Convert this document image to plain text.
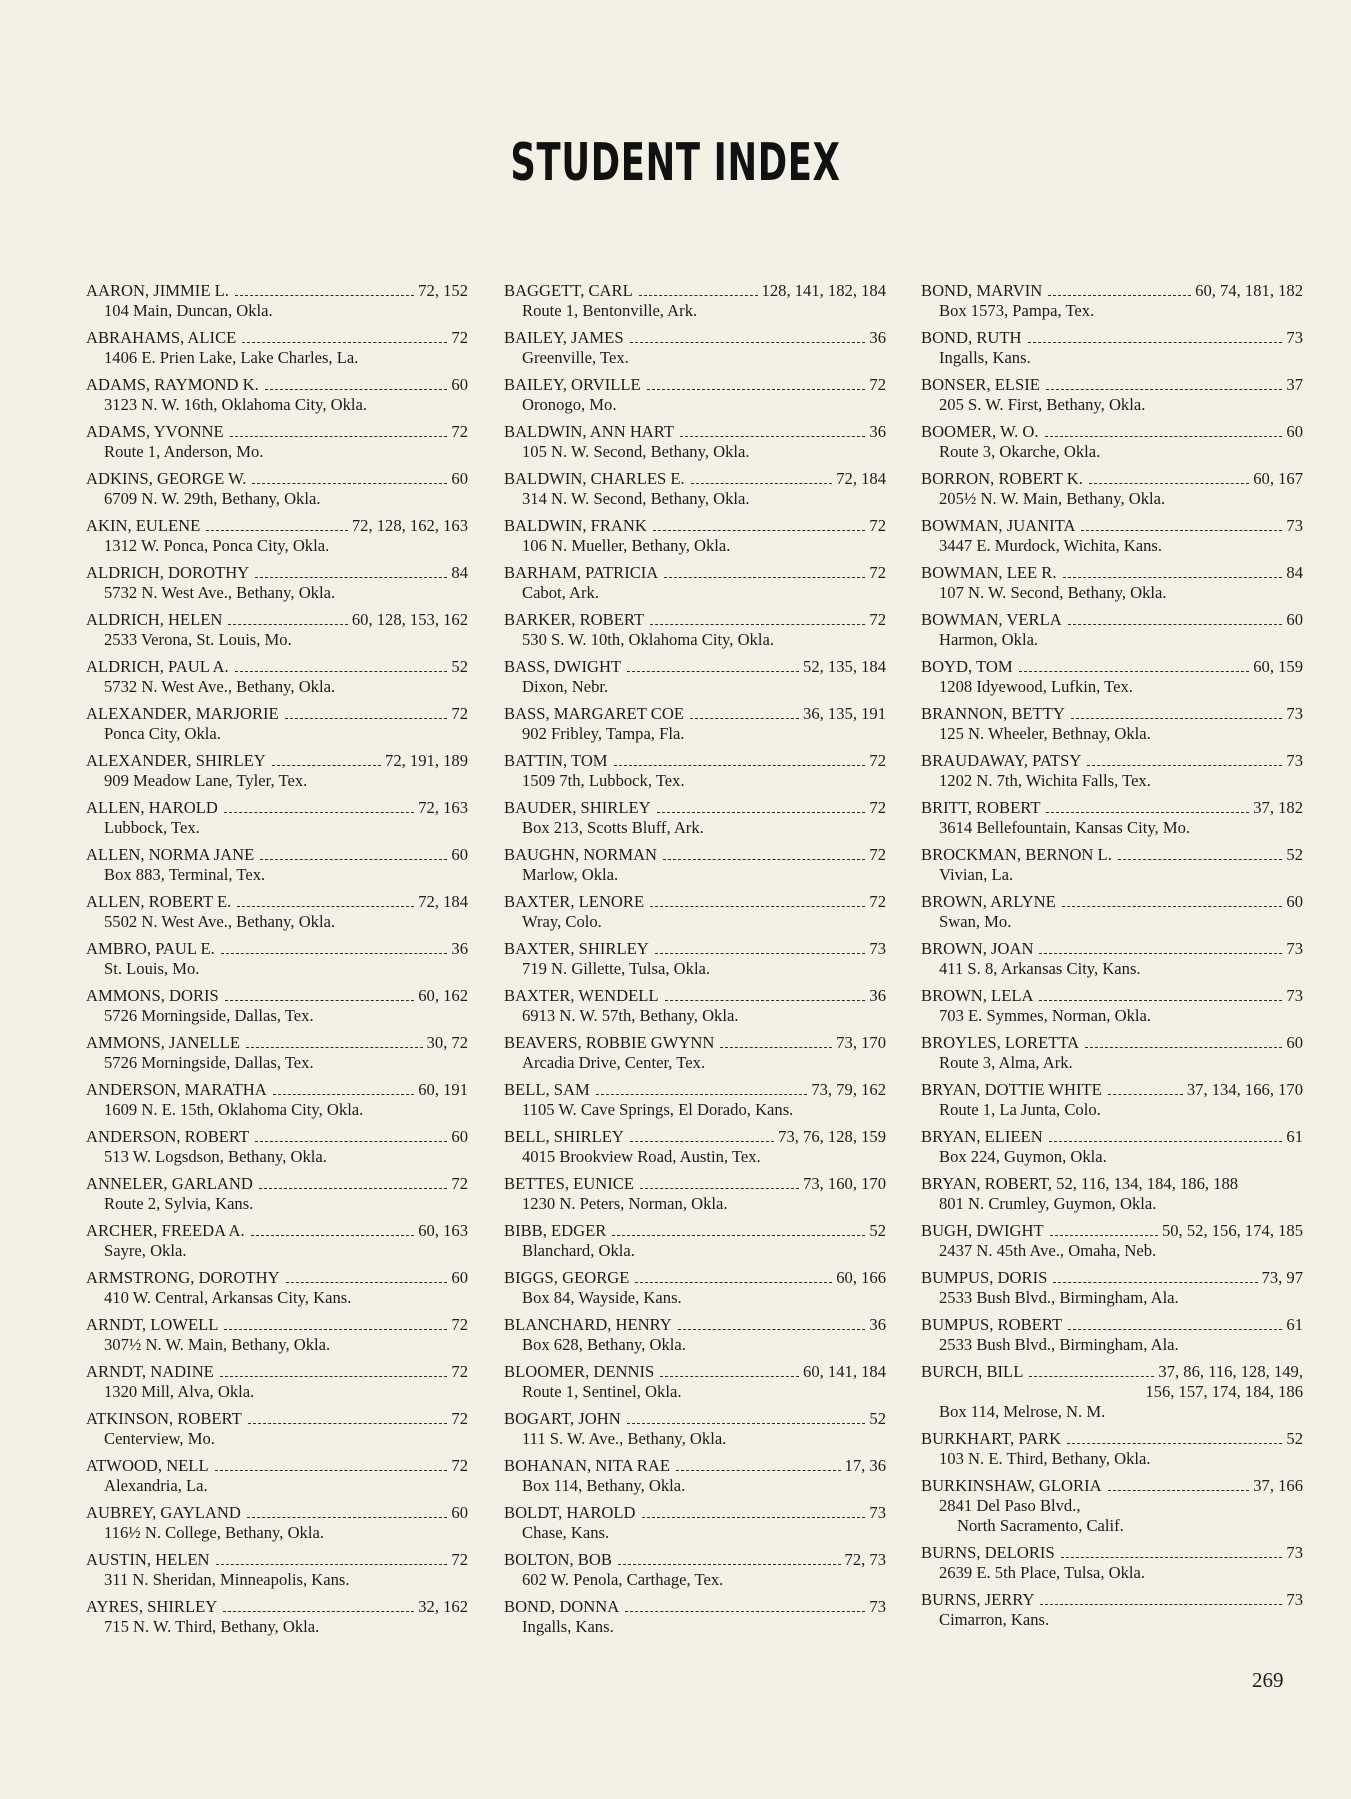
STUDENT INDEX
AARON, JIMMIE L.	72, 152
104 Main, Duncan, Okla.
ABRAHAMS, ALICE	72
1406 E. Prien Lake, Lake Charles, La.
ADAMS, RAYMOND K.	60
3123 N. W. 16th, Oklahoma City, Okla.
ADAMS, YVONNE	72
Route 1, Anderson, Mo.
ADKINS, GEORGE W.	60
6709 N. W. 29th, Bethany, Okla.
AKIN, EULENE	72, 128, 162, 163
1312 W. Ponca, Ponca City, Okla.
ALDRICH, DOROTHY	84
5732 N. West Ave., Bethany, Okla.
ALDRICH, HELEN	60, 128, 153, 162
2533 Verona, St. Louis, Mo.
ALDRICH, PAUL A.	52
5732 N. West Ave., Bethany, Okla.
ALEXANDER, MARJORIE	72
Ponca City, Okla.
ALEXANDER, SHIRLEY	72, 191, 189
909 Meadow Lane, Tyler, Tex.
ALLEN, HAROLD	72, 163
Lubbock, Tex.
ALLEN, NORMA JANE	60
Box 883, Terminal, Tex.
ALLEN, ROBERT E.	72, 184
5502 N. West Ave., Bethany, Okla.
AMBRO, PAUL E.	36
St. Louis, Mo.
AMMONS, DORIS	60, 162
5726 Morningside, Dallas, Tex.
AMMONS, JANELLE	30, 72
5726 Morningside, Dallas, Tex.
ANDERSON, MARATHA	60, 191
1609 N. E. 15th, Oklahoma City, Okla.
ANDERSON, ROBERT	60
513 W. Logsdson, Bethany, Okla.
ANNELER, GARLAND	72
Route 2, Sylvia, Kans.
ARCHER, FREEDA A.	60, 163
Sayre, Okla.
ARMSTRONG, DOROTHY	60
410 W. Central, Arkansas City, Kans.
ARNDT, LOWELL	72
307½ N. W. Main, Bethany, Okla.
ARNDT, NADINE	72
1320 Mill, Alva, Okla.
ATKINSON, ROBERT	72
Centerview, Mo.
ATWOOD, NELL	72
Alexandria, La.
AUBREY, GAYLAND	60
116½ N. College, Bethany, Okla.
AUSTIN, HELEN	72
311 N. Sheridan, Minneapolis, Kans.
AYRES, SHIRLEY	32, 162
715 N. W. Third, Bethany, Okla.
BAGGETT, CARL	128, 141, 182, 184
Route 1, Bentonville, Ark.
BAILEY, JAMES	36
Greenville, Tex.
BAILEY, ORVILLE	72
Oronogo, Mo.
BALDWIN, ANN HART	36
105 N. W. Second, Bethany, Okla.
BALDWIN, CHARLES E.	72, 184
314 N. W. Second, Bethany, Okla.
BALDWIN, FRANK	72
106 N. Mueller, Bethany, Okla.
BARHAM, PATRICIA	72
Cabot, Ark.
BARKER, ROBERT	72
530 S. W. 10th, Oklahoma City, Okla.
BASS, DWIGHT	52, 135, 184
Dixon, Nebr.
BASS, MARGARET COE	36, 135, 191
902 Fribley, Tampa, Fla.
BATTIN, TOM	72
1509 7th, Lubbock, Tex.
BAUDER, SHIRLEY	72
Box 213, Scotts Bluff, Ark.
BAUGHN, NORMAN	72
Marlow, Okla.
BAXTER, LENORE	72
Wray, Colo.
BAXTER, SHIRLEY	73
719 N. Gillette, Tulsa, Okla.
BAXTER, WENDELL	36
6913 N. W. 57th, Bethany, Okla.
BEAVERS, ROBBIE GWYNN	73, 170
Arcadia Drive, Center, Tex.
BELL, SAM	73, 79, 162
1105 W. Cave Springs, El Dorado, Kans.
BELL, SHIRLEY	73, 76, 128, 159
4015 Brookview Road, Austin, Tex.
BETTES, EUNICE	73, 160, 170
1230 N. Peters, Norman, Okla.
BIBB, EDGER	52
Blanchard, Okla.
BIGGS, GEORGE	60, 166
Box 84, Wayside, Kans.
BLANCHARD, HENRY	36
Box 628, Bethany, Okla.
BLOOMER, DENNIS	60, 141, 184
Route 1, Sentinel, Okla.
BOGART, JOHN	52
111 S. W. Ave., Bethany, Okla.
BOHANAN, NITA RAE	17, 36
Box 114, Bethany, Okla.
BOLDT, HAROLD	73
Chase, Kans.
BOLTON, BOB	72, 73
602 W. Penola, Carthage, Tex.
BOND, DONNA	73
Ingalls, Kans.
BOND, MARVIN	60, 74, 181, 182
Box 1573, Pampa, Tex.
BOND, RUTH	73
Ingalls, Kans.
BONSER, ELSIE	37
205 S. W. First, Bethany, Okla.
BOOMER, W. O.	60
Route 3, Okarche, Okla.
BORRON, ROBERT K.	60, 167
205½ N. W. Main, Bethany, Okla.
BOWMAN, JUANITA	73
3447 E. Murdock, Wichita, Kans.
BOWMAN, LEE R.	84
107 N. W. Second, Bethany, Okla.
BOWMAN, VERLA	60
Harmon, Okla.
BOYD, TOM	60, 159
1208 Idyewood, Lufkin, Tex.
BRANNON, BETTY	73
125 N. Wheeler, Bethnay, Okla.
BRAUDAWAY, PATSY	73
1202 N. 7th, Wichita Falls, Tex.
BRITT, ROBERT	37, 182
3614 Bellefountain, Kansas City, Mo.
BROCKMAN, BERNON L.	52
Vivian, La.
BROWN, ARLYNE	60
Swan, Mo.
BROWN, JOAN	73
411 S. 8, Arkansas City, Kans.
BROWN, LELA	73
703 E. Symmes, Norman, Okla.
BROYLES, LORETTA	60
Route 3, Alma, Ark.
BRYAN, DOTTIE WHITE	37, 134, 166, 170
Route 1, La Junta, Colo.
BRYAN, ELIEEN	61
Box 224, Guymon, Okla.
BRYAN, ROBERT, 52, 116, 134, 184, 186, 188
801 N. Crumley, Guymon, Okla.
BUGH, DWIGHT	50, 52, 156, 174, 185
2437 N. 45th Ave., Omaha, Neb.
BUMPUS, DORIS	73, 97
2533 Bush Blvd., Birmingham, Ala.
BUMPUS, ROBERT	61
2533 Bush Blvd., Birmingham, Ala.
BURCH, BILL	37, 86, 116, 128, 149,
156, 157, 174, 184, 186
Box 114, Melrose, N. M.
BURKHART, PARK	52
103 N. E. Third, Bethany, Okla.
BURKINSHAW, GLORIA	37, 166
2841 Del Paso Blvd.,
North Sacramento, Calif.
BURNS, DELORIS	73
2639 E. 5th Place, Tulsa, Okla.
BURNS, JERRY	73
Cimarron, Kans.
269
